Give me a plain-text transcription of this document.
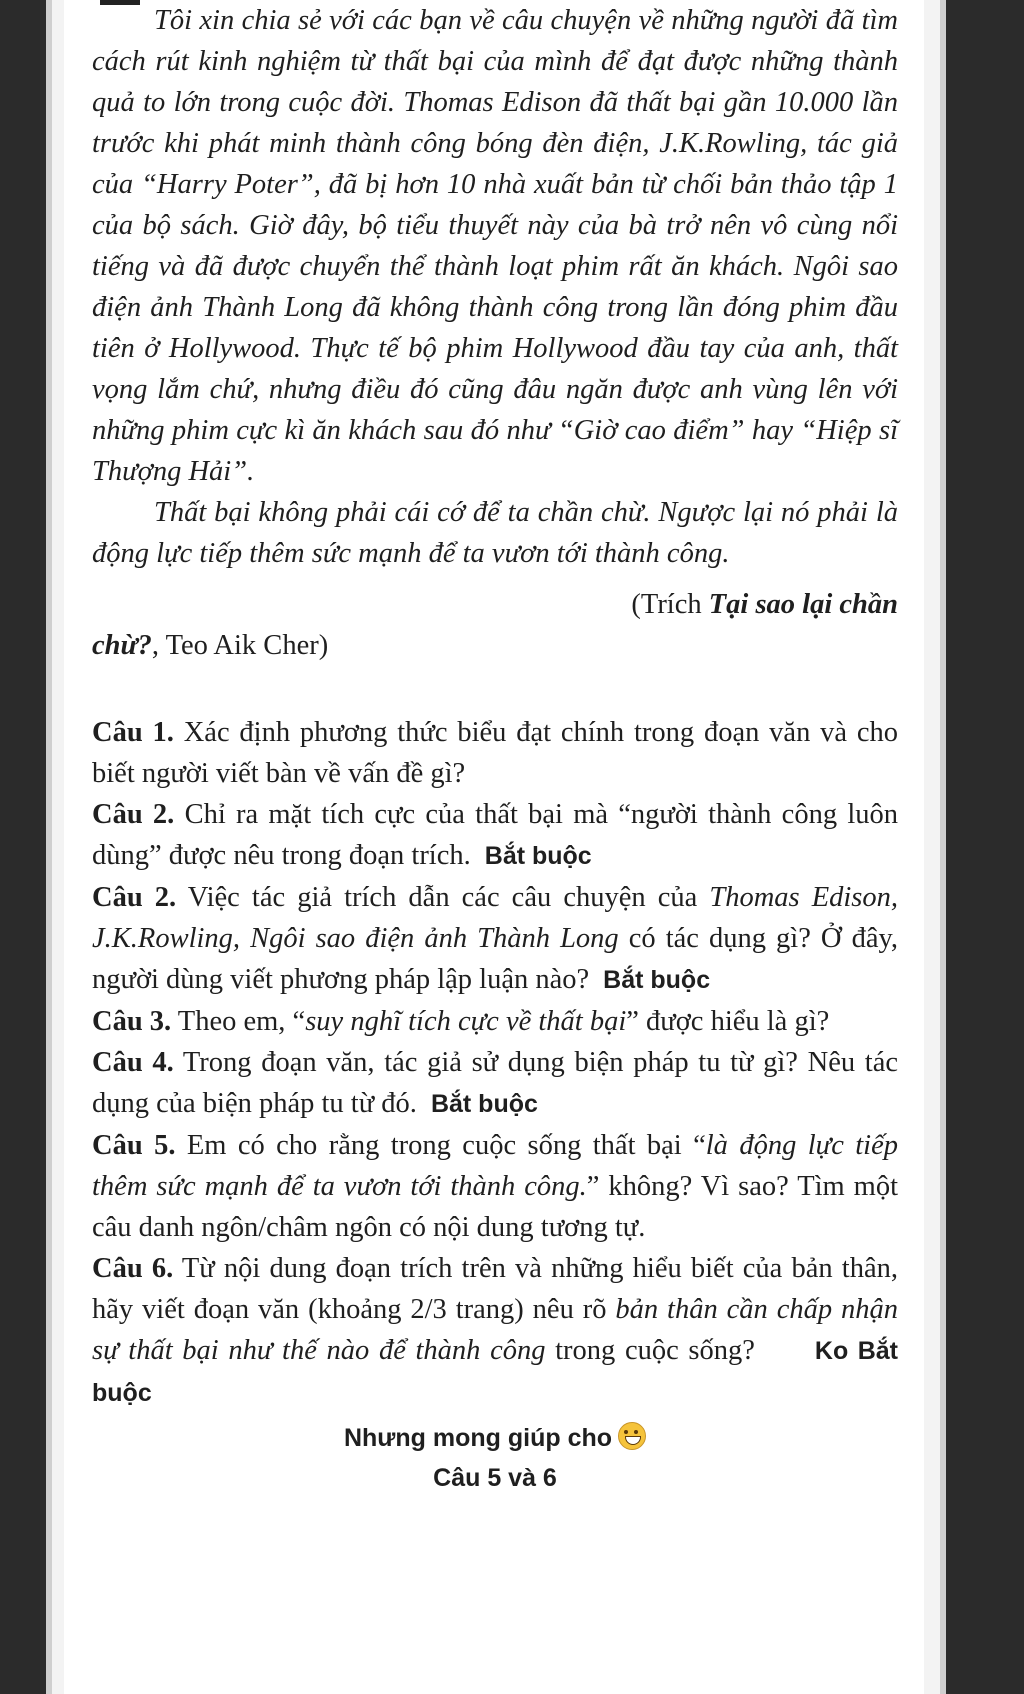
Tôi xin chia sẻ với các bạn về câu chuyện về những người đã tìm cách rút kinh nghiệm từ thất bại của mình để đạt được những thành quả to lớn trong cuộc đời. Thomas Edison đã thất bại gần 10.000 lần trước khi phát minh thành công bóng đèn điện, J.K.Rowling, tác giả của “Harry Poter”, đã bị hơn 10 nhà xuất bản từ chối bản thảo tập 1 của bộ sách. Giờ đây, bộ tiểu thuyết này của bà trở nên vô cùng nổi tiếng và đã được chuyển thể thành loạt phim rất ăn khách. Ngôi sao điện ảnh Thành Long đã không thành công trong lần đóng phim đầu tiên ở Hollywood. Thực tế bộ phim Hollywood đầu tay của anh, thất vọng lắm chứ, nhưng điều đó cũng đâu ngăn được anh vùng lên với những phim cực kì ăn khách sau đó như “Giờ cao điểm” hay “Hiệp sĩ Thượng Hải”.

Thất bại không phải cái cớ để ta chần chừ. Ngược lại nó phải là động lực tiếp thêm sức mạnh để ta vươn tới thành công.

(Trích Tại sao lại chần

chừ?, Teo Aik Cher)

Câu 1. Xác định phương thức biểu đạt chính trong đoạn văn và cho biết người viết bàn về vấn đề gì?

Câu 2. Chỉ ra mặt tích cực của thất bại mà “người thành công luôn dùng” được nêu trong đoạn trích. Bắt buộc

Câu 2. Việc tác giả trích dẫn các câu chuyện của Thomas Edison, J.K.Rowling, Ngôi sao điện ảnh Thành Long có tác dụng gì? Ở đây, người dùng viết phương pháp lập luận nào? Bắt buộc

Câu 3. Theo em, “suy nghĩ tích cực về thất bại” được hiểu là gì?

Câu 4. Trong đoạn văn, tác giả sử dụng biện pháp tu từ gì? Nêu tác dụng của biện pháp tu từ đó. Bắt buộc

Câu 5. Em có cho rằng trong cuộc sống thất bại “là động lực tiếp thêm sức mạnh để ta vươn tới thành công.” không? Vì sao? Tìm một câu danh ngôn/châm ngôn có nội dung tương tự.

Câu 6. Từ nội dung đoạn trích trên và những hiểu biết của bản thân, hãy viết đoạn văn (khoảng 2/3 trang) nêu rõ bản thân cần chấp nhận sự thất bại như thế nào để thành công trong cuộc sống? Ko Bắt buộc

Nhưng mong giúp cho
Câu 5 và 6
